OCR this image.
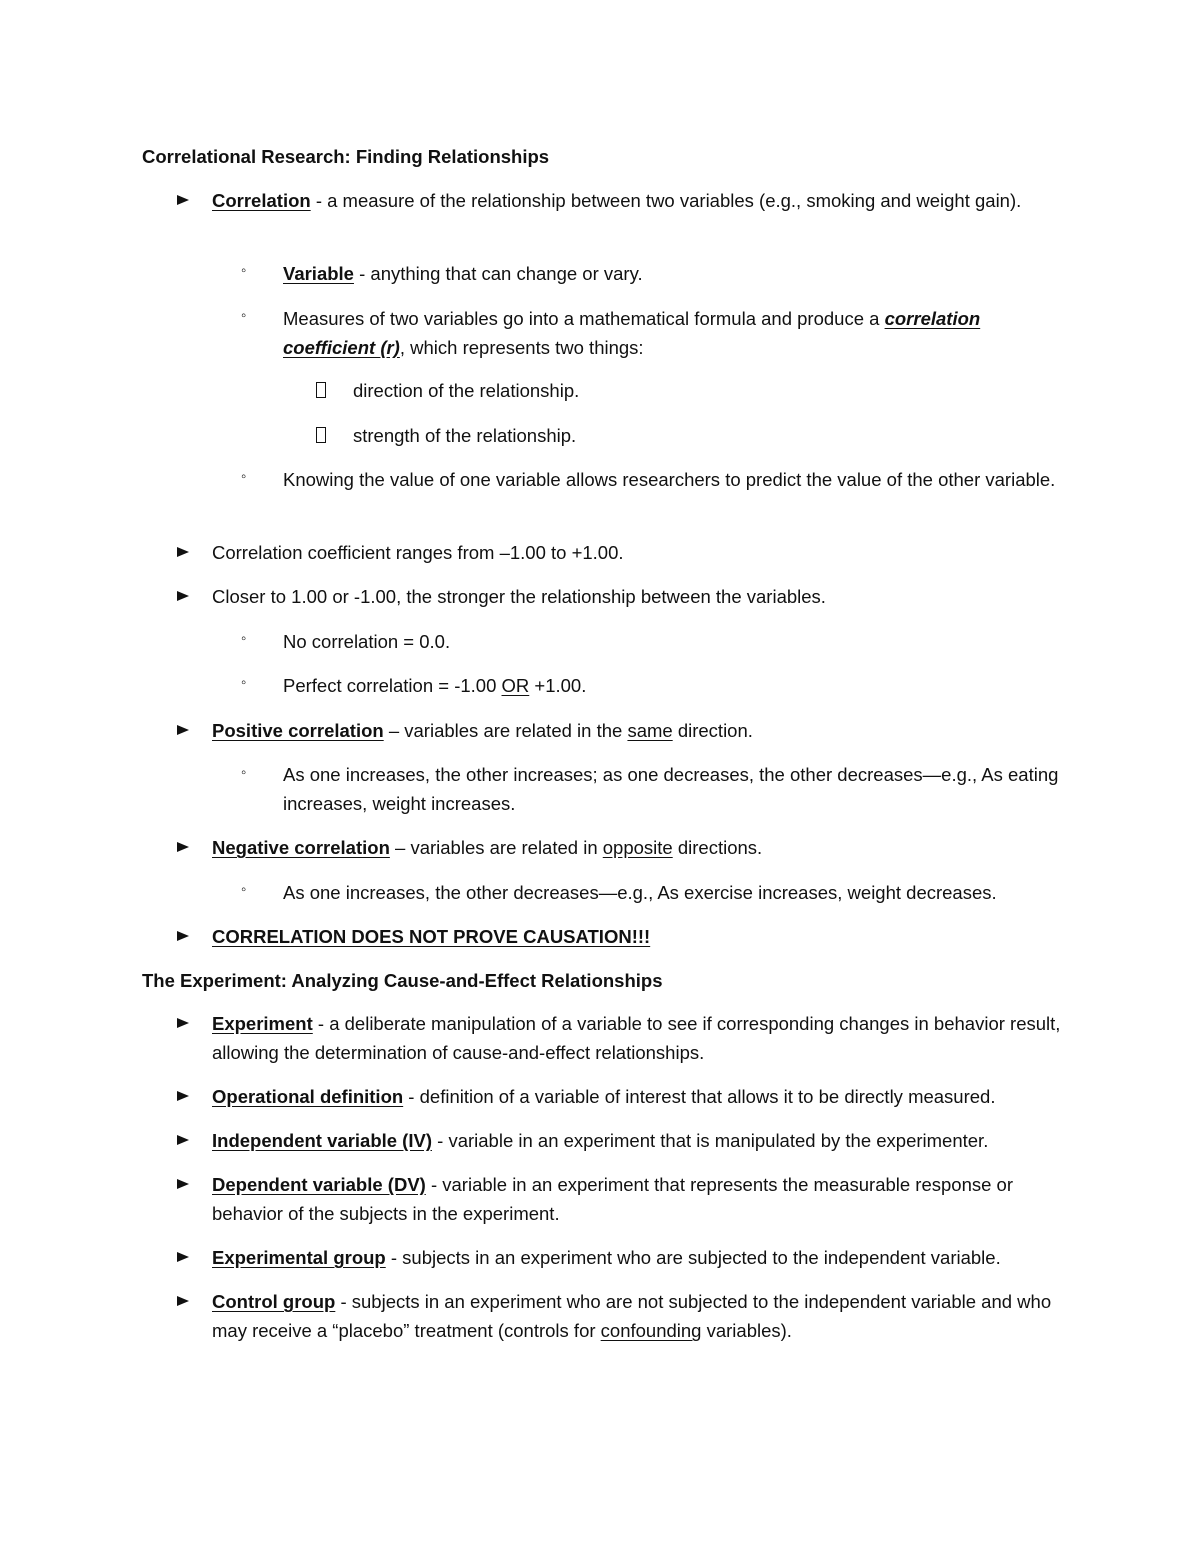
Correlational Research: Finding Relationships
Correlation - a measure of the relationship between two variables (e.g., smoking and weight gain).
◦ Variable - anything that can change or vary.
◦ Measures of two variables go into a mathematical formula and produce a correlation coefficient (r), which represents two things:
direction of the relationship.
strength of the relationship.
◦ Knowing the value of one variable allows researchers to predict the value of the other variable.
Correlation coefficient ranges from –1.00 to +1.00.
Closer to 1.00 or -1.00, the stronger the relationship between the variables.
◦ No correlation = 0.0.
◦ Perfect correlation = -1.00 OR +1.00.
Positive correlation – variables are related in the same direction.
◦ As one increases, the other increases; as one decreases, the other decreases—e.g., As eating increases, weight increases.
Negative correlation – variables are related in opposite directions.
◦ As one increases, the other decreases—e.g., As exercise increases, weight decreases.
CORRELATION DOES NOT PROVE CAUSATION!!!
The Experiment: Analyzing Cause-and-Effect Relationships
Experiment - a deliberate manipulation of a variable to see if corresponding changes in behavior result, allowing the determination of cause-and-effect relationships.
Operational definition - definition of a variable of interest that allows it to be directly measured.
Independent variable (IV) - variable in an experiment that is manipulated by the experimenter.
Dependent variable (DV) - variable in an experiment that represents the measurable response or behavior of the subjects in the experiment.
Experimental group - subjects in an experiment who are subjected to the independent variable.
Control group - subjects in an experiment who are not subjected to the independent variable and who may receive a “placebo” treatment (controls for confounding variables).
